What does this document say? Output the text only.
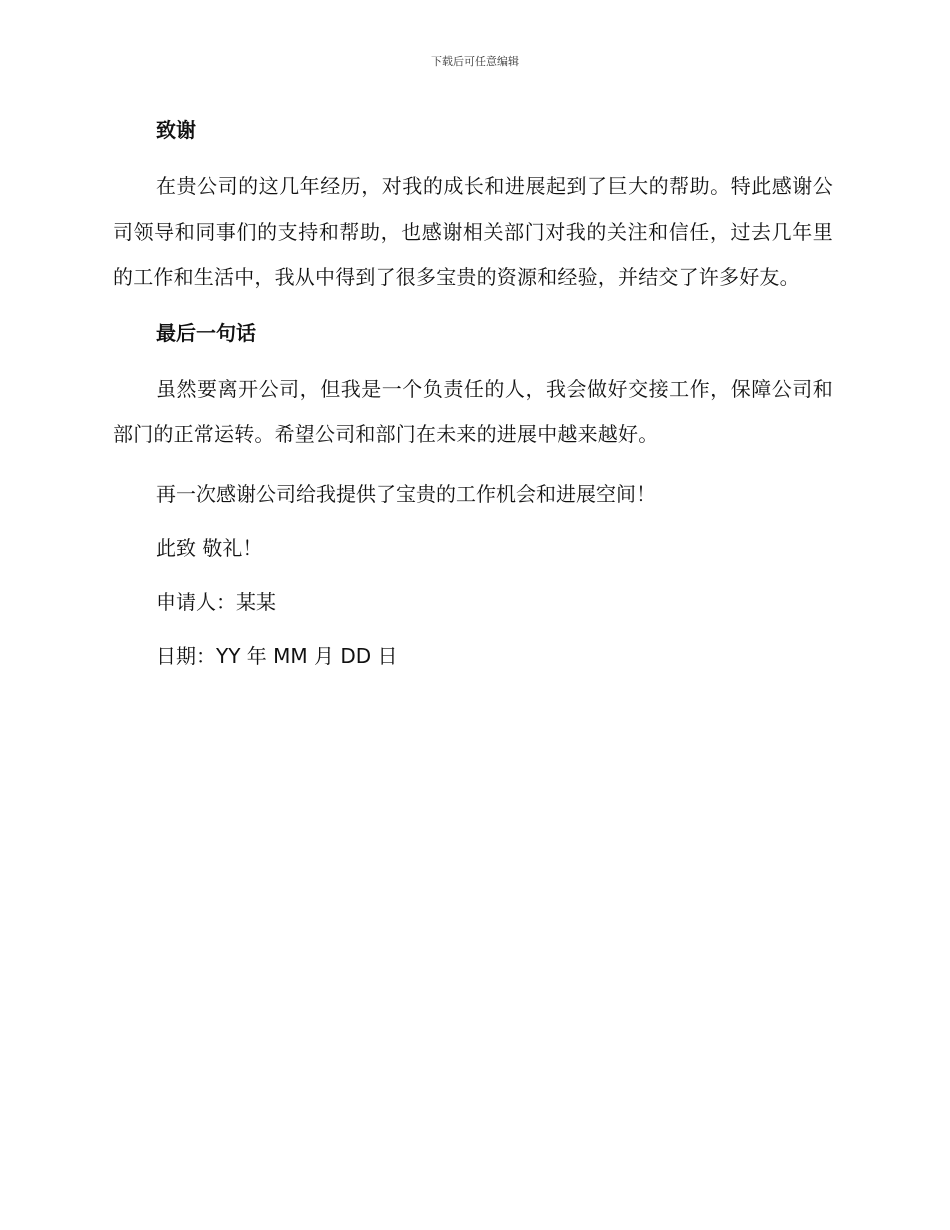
下载后可任意编辑
致谢

在贵公司的这几年经历，对我的成长和进展起到了巨大的帮助。特此感谢公司领导和同事们的支持和帮助，也感谢相关部门对我的关注和信任，过去几年里的工作和生活中，我从中得到了很多宝贵的资源和经验，并结交了许多好友。

最后一句话

虽然要离开公司，但我是一个负责任的人，我会做好交接工作，保障公司和部门的正常运转。希望公司和部门在未来的进展中越来越好。

再一次感谢公司给我提供了宝贵的工作机会和进展空间！

此致 敬礼！

申请人：某某

日期：YY 年 MM 月 DD 日
